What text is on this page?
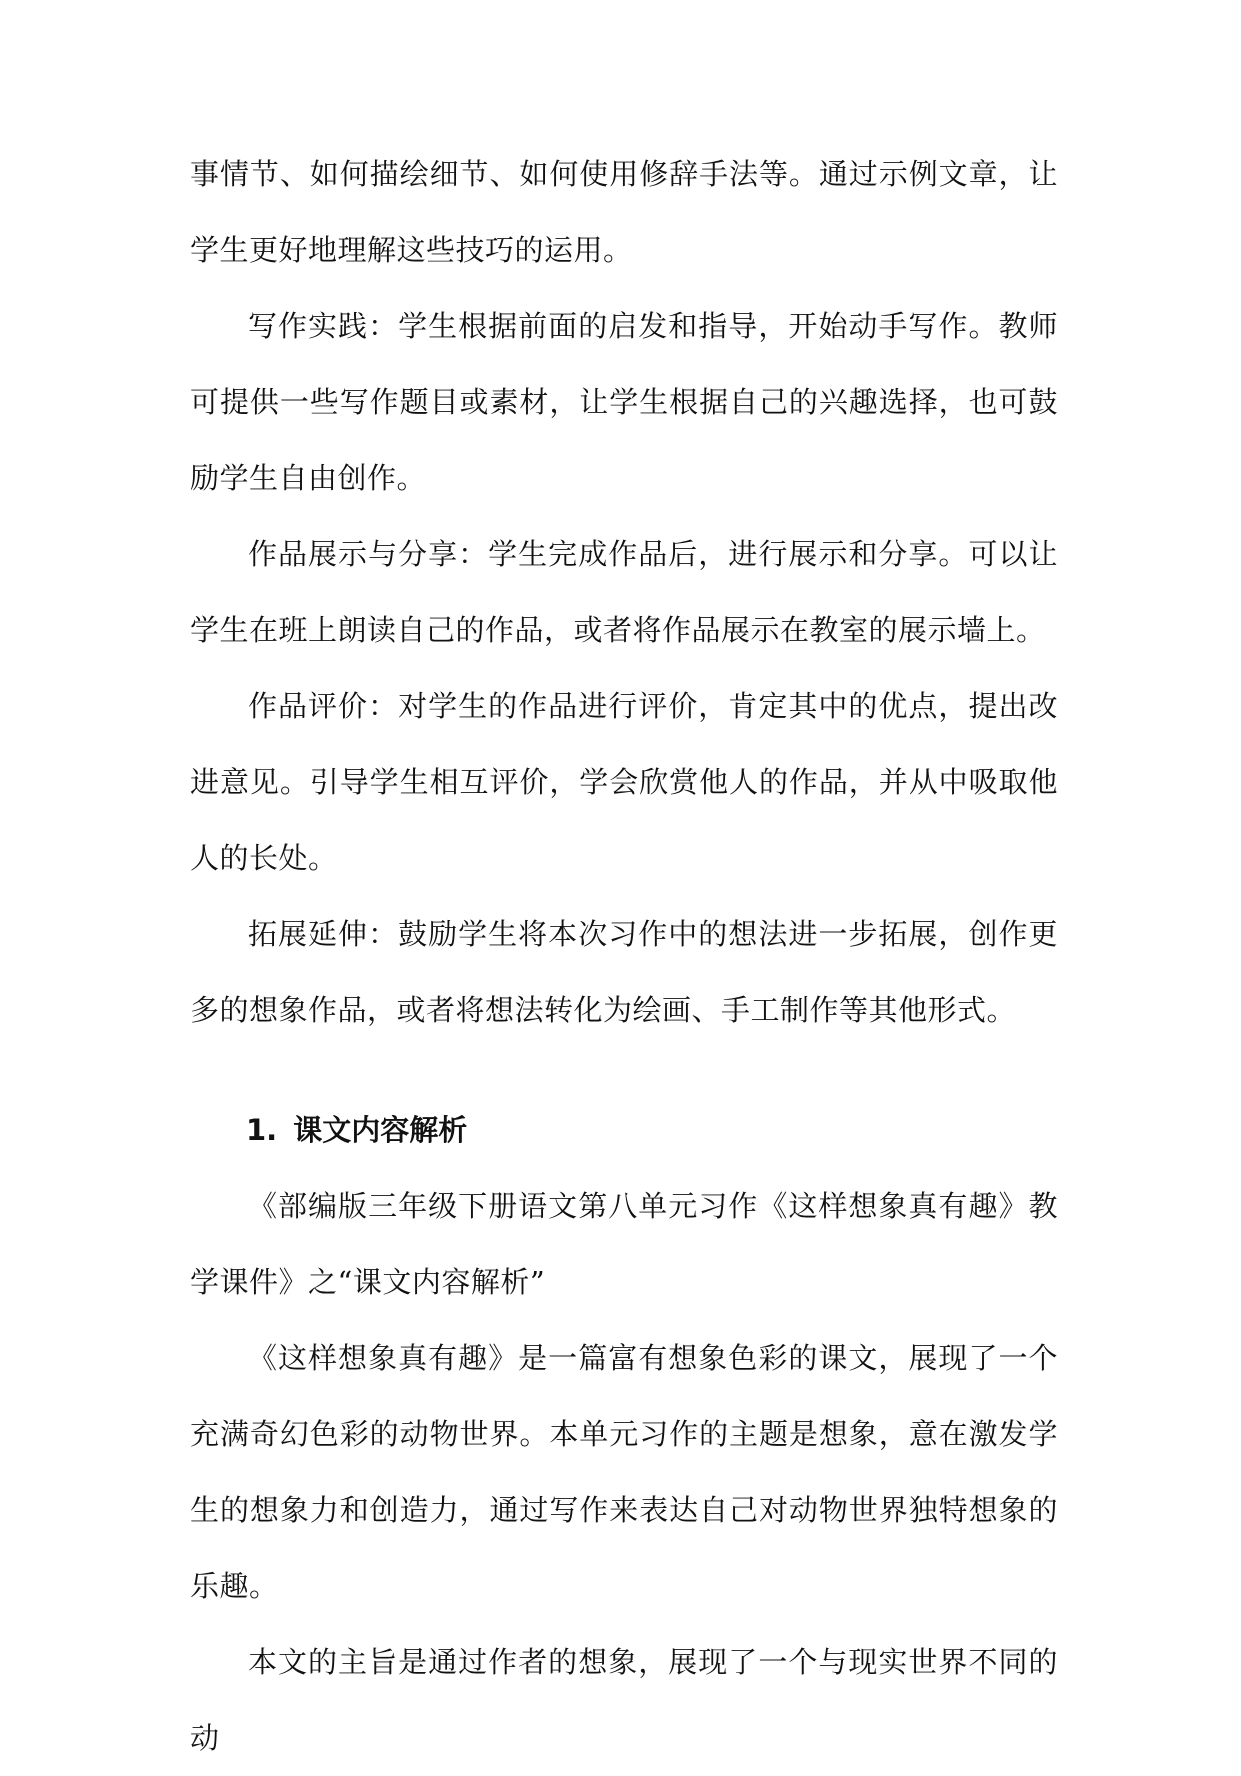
事情节、如何描绘细节、如何使用修辞手法等。通过示例文章，让学生更好地理解这些技巧的运用。

写作实践：学生根据前面的启发和指导，开始动手写作。教师可提供一些写作题目或素材，让学生根据自己的兴趣选择，也可鼓励学生自由创作。

作品展示与分享：学生完成作品后，进行展示和分享。可以让学生在班上朗读自己的作品，或者将作品展示在教室的展示墙上。

作品评价：对学生的作品进行评价，肯定其中的优点，提出改进意见。引导学生相互评价，学会欣赏他人的作品，并从中吸取他人的长处。

拓展延伸：鼓励学生将本次习作中的想法进一步拓展，创作更多的想象作品，或者将想法转化为绘画、手工制作等其他形式。

1. 课文内容解析

《部编版三年级下册语文第八单元习作《这样想象真有趣》教学课件》之“课文内容解析”

《这样想象真有趣》是一篇富有想象色彩的课文，展现了一个充满奇幻色彩的动物世界。本单元习作的主题是想象，意在激发学生的想象力和创造力，通过写作来表达自己对动物世界独特想象的乐趣。

本文的主旨是通过作者的想象，展现了一个与现实世界不同的动
